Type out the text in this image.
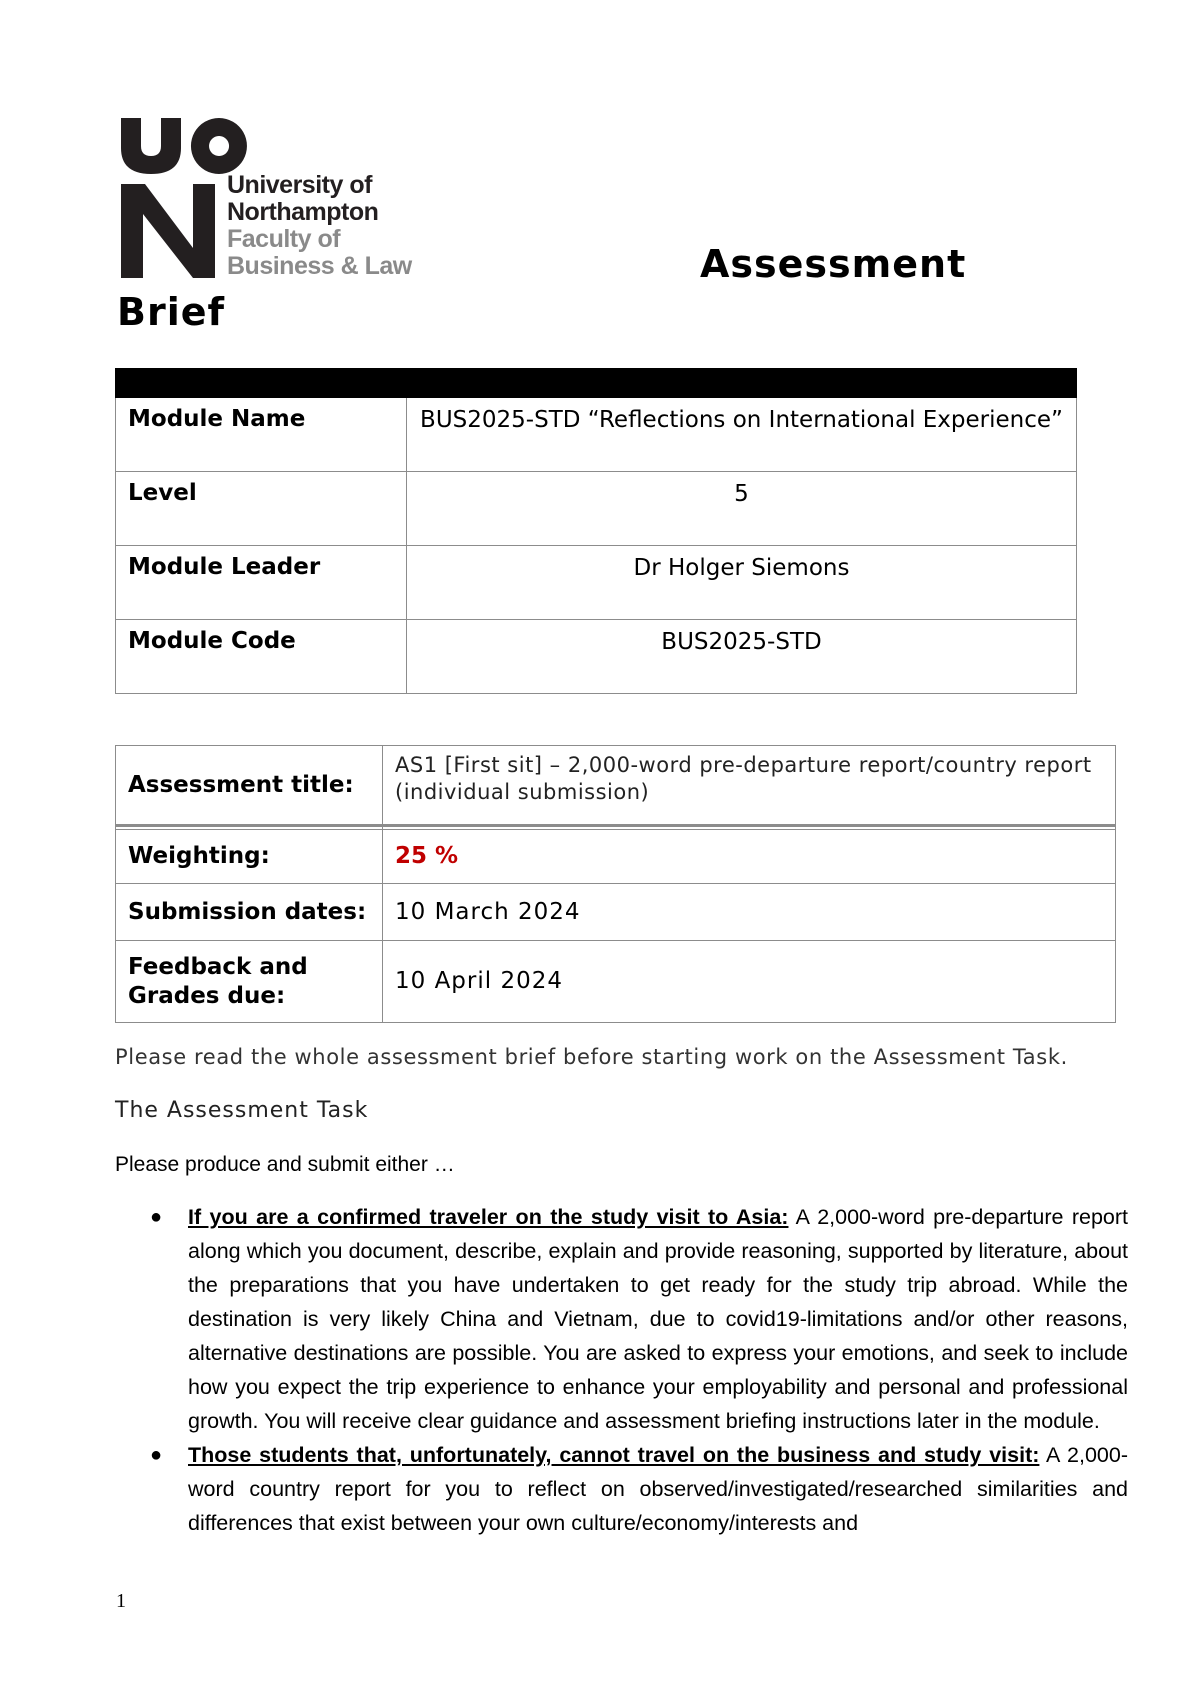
University of
Northampton
Faculty of
Business & Law	Assessment
Brief

Module Name	BUS2025-STD “Reflections on International Experience”
Level	5
Module Leader	Dr Holger Siemons
Module Code	BUS2025-STD
Assessment title:	AS1 [First sit] – 2,000-word pre-departure report/country report (individual submission)

Weighting:	25 %
Submission dates:	10 March 2024
Feedback and Grades due:	10 April 2024
Please read the whole assessment brief before starting work on the Assessment Task.
The Assessment Task
Please produce and submit either …
● If you are a confirmed traveler on the study visit to Asia: A 2,000-word pre-departure report along which you document, describe, explain and provide reasoning, supported by literature, about the preparations that you have undertaken to get ready for the study trip abroad. While the destination is very likely China and Vietnam, due to covid19-limitations and/or other reasons, alternative destinations are possible. You are asked to express your emotions, and seek to include how you expect the trip experience to enhance your employability and personal and professional growth. You will receive clear guidance and assessment briefing instructions later in the module.
● Those students that, unfortunately, cannot travel on the business and study visit: A 2,000-word country report for you to reflect on observed/investigated/researched similarities and differences that exist between your own culture/economy/interests and
1
